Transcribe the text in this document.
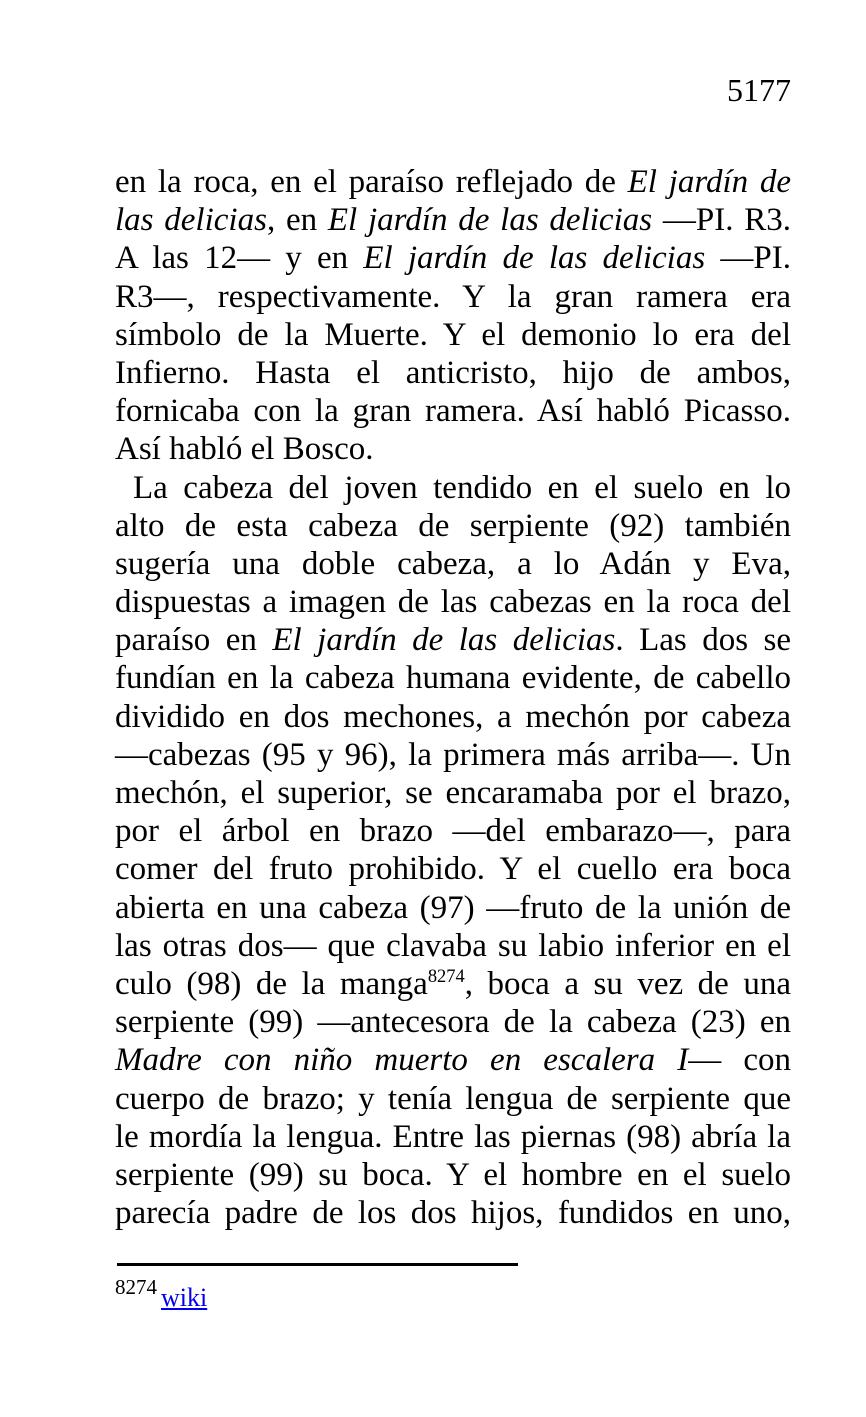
5177
en la roca, en el paraíso reflejado de El jardín de
las delicias, en El jardín de las delicias —PI. R3.
A las 12— y en El jardín de las delicias —PI.
R3—, respectivamente. Y la gran ramera era
símbolo de la Muerte. Y el demonio lo era del
Infierno. Hasta el anticristo, hijo de ambos,
fornicaba con la gran ramera. Así habló Picasso.
Así habló el Bosco.
La cabeza del joven tendido en el suelo en lo
alto de esta cabeza de serpiente (92) también
sugería una doble cabeza, a lo Adán y Eva,
dispuestas a imagen de las cabezas en la roca del
paraíso en El jardín de las delicias. Las dos se
fundían en la cabeza humana evidente, de cabello
dividido en dos mechones, a mechón por cabeza
—cabezas (95 y 96), la primera más arriba—. Un
mechón, el superior, se encaramaba por el brazo,
por el árbol en brazo —del embarazo—, para
comer del fruto prohibido. Y el cuello era boca
abierta en una cabeza (97) —fruto de la unión de
las otras dos— que clavaba su labio inferior en el
culo (98) de la manga$^{8274}$, boca a su vez de una
serpiente (99) —antecesora de la cabeza (23) en
Madre con niño muerto en escalera I— con
cuerpo de brazo; y tenía lengua de serpiente que
le mordía la lengua. Entre las piernas (98) abría la
serpiente (99) su boca. Y el hombre en el suelo
parecía padre de los dos hijos, fundidos en uno,
8274 wiki
